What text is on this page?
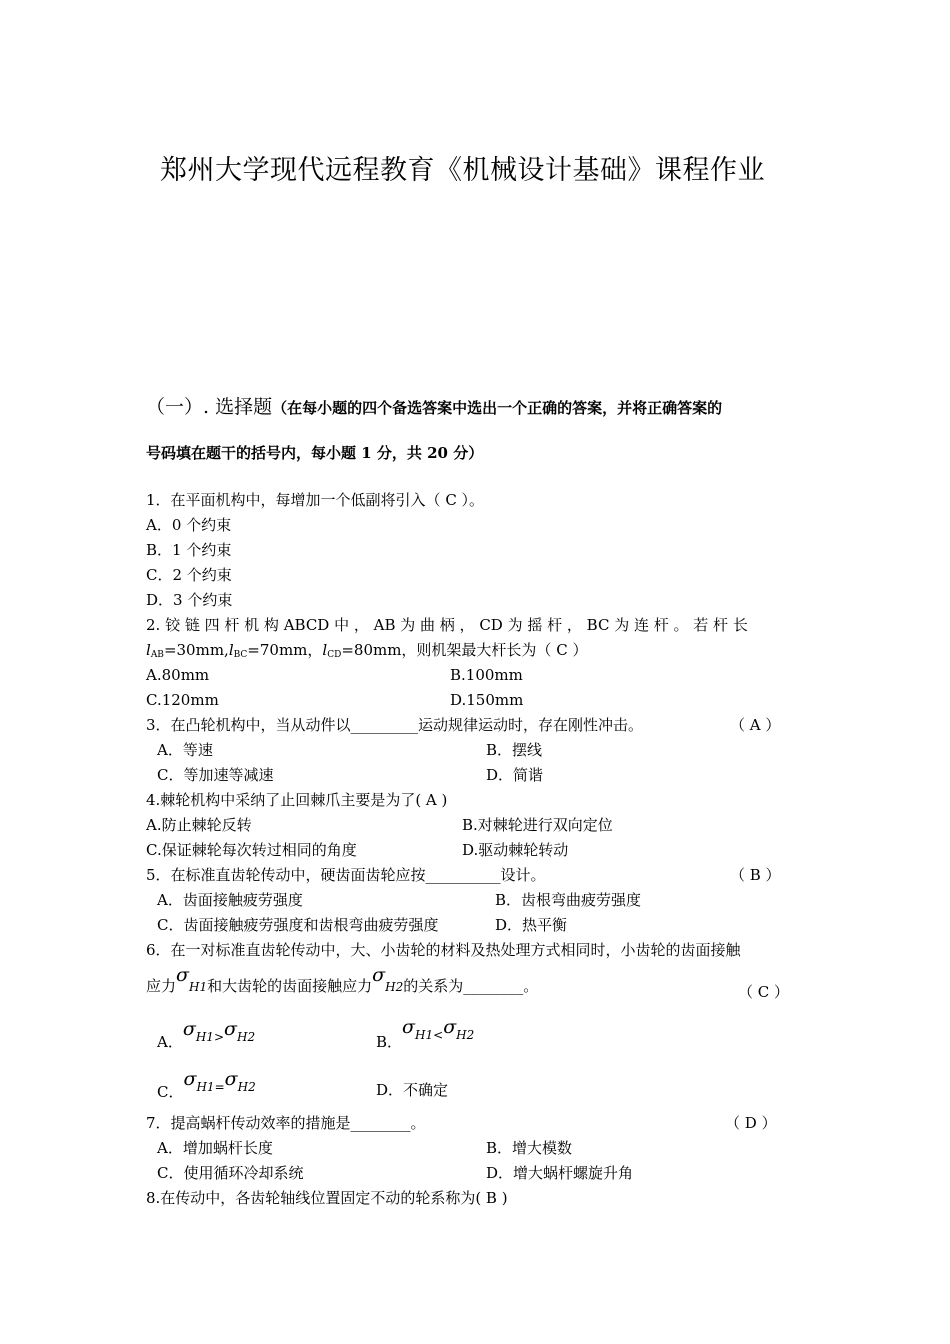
郑州大学现代远程教育《机械设计基础》课程作业
（一）. 选择题（在每小题的四个备选答案中选出一个正确的答案，并将正确答案的
号码填在题干的括号内，每小题 1 分，共 20 分）
1．在平面机构中，每增加一个低副将引入（ C ）。
A．0 个约束
B．1 个约束
C．2 个约束
D．3 个约束
2. 铰 链 四 杆 机 构 ABCD 中 ， AB 为 曲 柄 ， CD 为 摇 杆 ， BC 为 连 杆 。 若 杆 长
$l_{AB}=30mm,l_{BC}=70mm$，$l_{CD}=80mm$，则机架最大杆长为（ C ）
A.80mm	B.100mm
C.120mm	D.150mm
3．在凸轮机构中，当从动件以_________运动规律运动时，存在刚性冲击。	（ A ）
A．等速	B．摆线
C．等加速等减速	D．简谐
4.棘轮机构中采纳了止回棘爪主要是为了( A )
A.防止棘轮反转	B.对棘轮进行双向定位
C.保证棘轮每次转过相同的角度	D.驱动棘轮转动
5．在标准直齿轮传动中，硬齿面齿轮应按__________设计。	（ B ）
A．齿面接触疲劳强度	B．齿根弯曲疲劳强度
C．齿面接触疲劳强度和齿根弯曲疲劳强度	D．热平衡
6．在一对标准直齿轮传动中，大、小齿轮的材料及热处理方式相同时，小齿轮的齿面接触
应力σH1和大齿轮的齿面接触应力σH2的关系为________。	（ C ）
A．σH1>σH2	B．σH1<σH2
C．σH1=σH2	D．不确定
7．提高蜗杆传动效率的措施是________。	（ D ）
A．增加蜗杆长度	B．增大模数
C．使用循环冷却系统	D．增大蜗杆螺旋升角
8.在传动中，各齿轮轴线位置固定不动的轮系称为( B )
